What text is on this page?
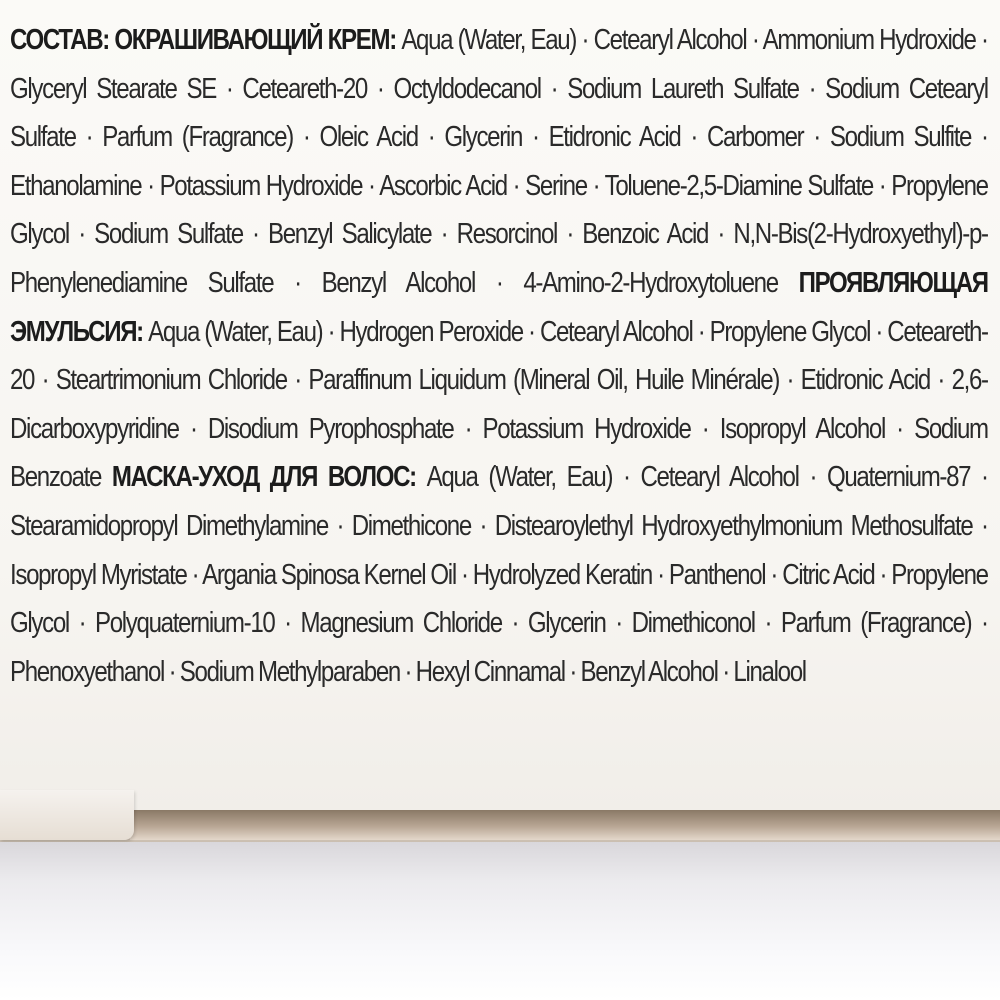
СОСТАВ: ОКРАШИВАЮЩИЙ КРЕМ: Aqua (Water, Eau) · Cetearyl Alcohol · Ammonium Hydroxide · Glyceryl Stearate SE · Ceteareth-20 · Octyldodecanol · Sodium Laureth Sulfate · Sodium Cetearyl Sulfate · Parfum (Fragrance) · Oleic Acid · Glycerin · Etidronic Acid · Carbomer · Sodium Sulfite · Ethanolamine · Potassium Hydroxide · Ascorbic Acid · Serine · Toluene-2,5-Diamine Sulfate · Propylene Glycol · Sodium Sulfate · Benzyl Salicylate · Resorcinol · Benzoic Acid · N,N-Bis(2-Hydroxyethyl)-p-Phenylenediamine Sulfate · Benzyl Alcohol · 4-Amino-2-Hydroxytoluene ПРОЯВЛЯЮЩАЯ ЭМУЛЬСИЯ: Aqua (Water, Eau) · Hydrogen Peroxide · Cetearyl Alcohol · Propylene Glycol · Ceteareth-20 · Steartrimonium Chloride · Paraffinum Liquidum (Mineral Oil, Huile Minérale) · Etidronic Acid · 2,6-Dicarboxypyridine · Disodium Pyrophosphate · Potassium Hydroxide · Isopropyl Alcohol · Sodium Benzoate МАСКА-УХОД ДЛЯ ВОЛОС: Aqua (Water, Eau) · Cetearyl Alcohol · Quaternium-87 · Stearamidopropyl Dimethylamine · Dimethicone · Distearoylethyl Hydroxyethylmonium Methosulfate · Isopropyl Myristate · Argania Spinosa Kernel Oil · Hydrolyzed Keratin · Panthenol · Citric Acid · Propylene Glycol · Polyquaternium-10 · Magnesium Chloride · Glycerin · Dimethiconol · Parfum (Fragrance) · Phenoxyethanol · Sodium Methylparaben · Hexyl Cinnamal · Benzyl Alcohol · Linalool
